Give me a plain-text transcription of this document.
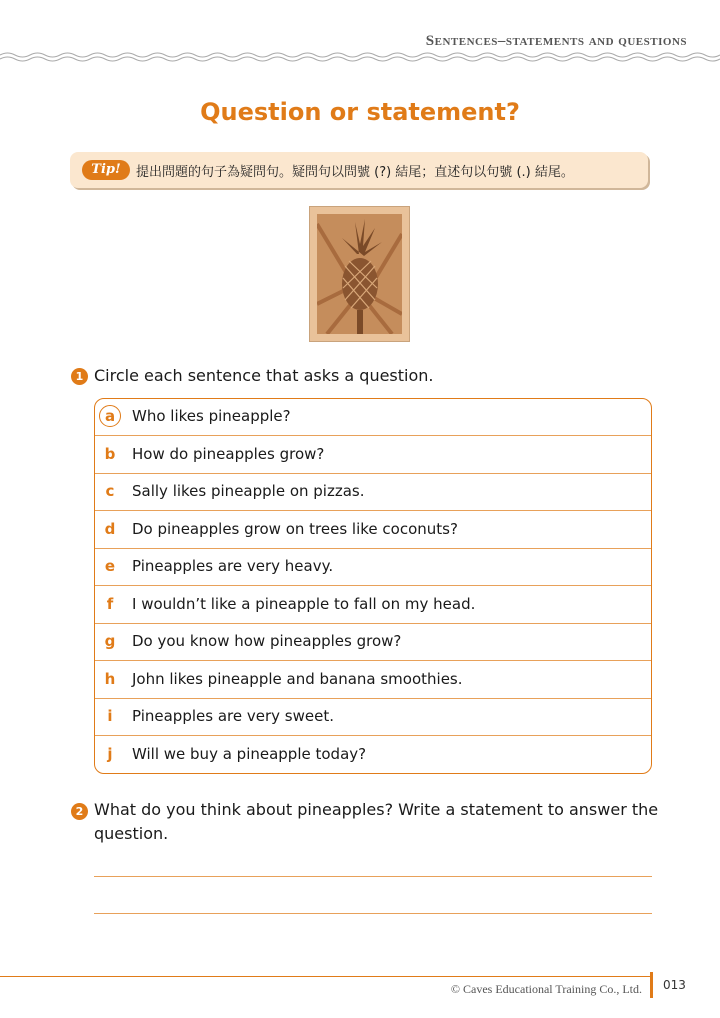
Sentences–statements and questions
Question or statement?
Tip!	提出問題的句子為疑問句。疑問句以問號 (?) 結尾；直述句以句號 (.) 結尾。
1 Circle each sentence that asks a question.
a	Who likes pineapple?
b	How do pineapples grow?
c	Sally likes pineapple on pizzas.
d	Do pineapples grow on trees like coconuts?
e	Pineapples are very heavy.
f	I wouldn’t like a pineapple to fall on my head.
g	Do you know how pineapples grow?
h	John likes pineapple and banana smoothies.
i	Pineapples are very sweet.
j	Will we buy a pineapple today?
2 What do you think about pineapples? Write a statement to answer the
question.
© Caves Educational Training Co., Ltd. 013
